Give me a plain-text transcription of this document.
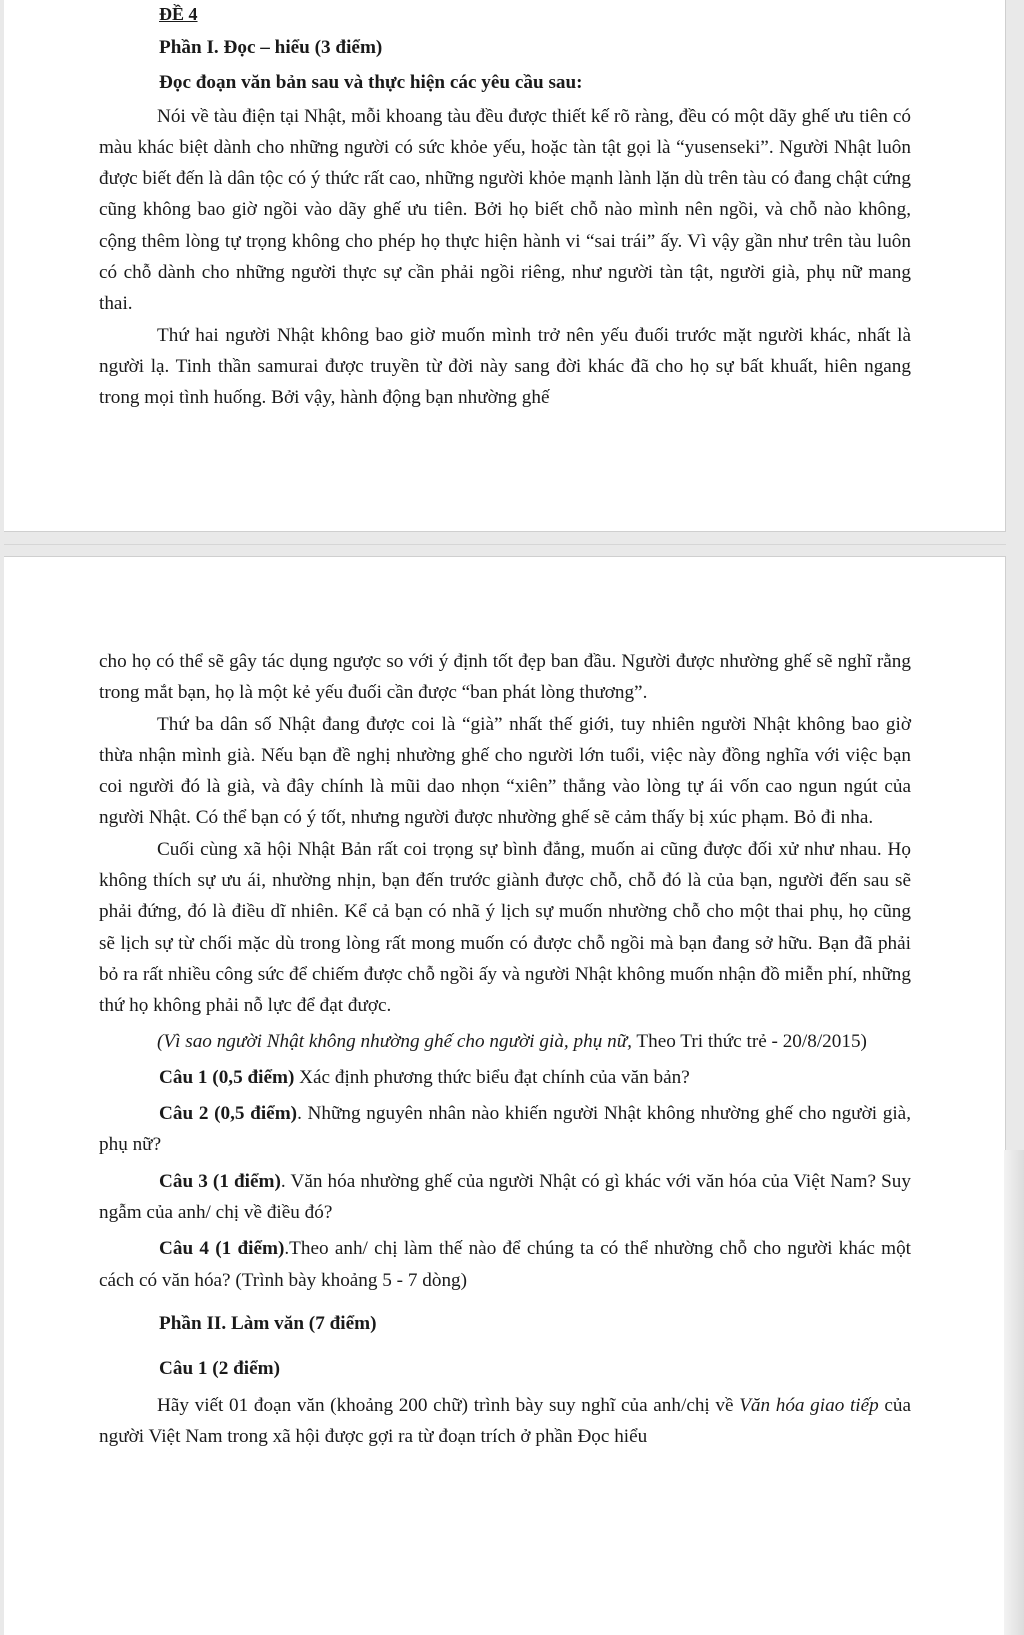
ĐỀ 4

Phần I. Đọc – hiểu (3 điểm)

Đọc đoạn văn bản sau và thực hiện các yêu cầu sau:

Nói về tàu điện tại Nhật, mỗi khoang tàu đều được thiết kế rõ ràng, đều có một dãy ghế ưu tiên có màu khác biệt dành cho những người có sức khỏe yếu, hoặc tàn tật gọi là “yusenseki”. Người Nhật luôn được biết đến là dân tộc có ý thức rất cao, những người khỏe mạnh lành lặn dù trên tàu có đang chật cứng cũng không bao giờ ngồi vào dãy ghế ưu tiên. Bởi họ biết chỗ nào mình nên ngồi, và chỗ nào không, cộng thêm lòng tự trọng không cho phép họ thực hiện hành vi “sai trái” ấy. Vì vậy gần như trên tàu luôn có chỗ dành cho những người thực sự cần phải ngồi riêng, như người tàn tật, người già, phụ nữ mang thai.

Thứ hai người Nhật không bao giờ muốn mình trở nên yếu đuối trước mặt người khác, nhất là người lạ. Tinh thần samurai được truyền từ đời này sang đời khác đã cho họ sự bất khuất, hiên ngang trong mọi tình huống. Bởi vậy, hành động bạn nhường ghế

cho họ có thể sẽ gây tác dụng ngược so với ý định tốt đẹp ban đầu. Người được nhường ghế sẽ nghĩ rằng trong mắt bạn, họ là một kẻ yếu đuối cần được “ban phát lòng thương”.

Thứ ba dân số Nhật đang được coi là “già” nhất thế giới, tuy nhiên người Nhật không bao giờ thừa nhận mình già. Nếu bạn đề nghị nhường ghế cho người lớn tuổi, việc này đồng nghĩa với việc bạn coi người đó là già, và đây chính là mũi dao nhọn “xiên” thẳng vào lòng tự ái vốn cao ngun ngút của người Nhật. Có thể bạn có ý tốt, nhưng người được nhường ghế sẽ cảm thấy bị xúc phạm. Bỏ đi nha.

Cuối cùng xã hội Nhật Bản rất coi trọng sự bình đẳng, muốn ai cũng được đối xử như nhau. Họ không thích sự ưu ái, nhường nhịn, bạn đến trước giành được chỗ, chỗ đó là của bạn, người đến sau sẽ phải đứng, đó là điều dĩ nhiên. Kể cả bạn có nhã ý lịch sự muốn nhường chỗ cho một thai phụ, họ cũng sẽ lịch sự từ chối mặc dù trong lòng rất mong muốn có được chỗ ngồi mà bạn đang sở hữu. Bạn đã phải bỏ ra rất nhiều công sức để chiếm được chỗ ngồi ấy và người Nhật không muốn nhận đồ miễn phí, những thứ họ không phải nỗ lực để đạt được.

(Vì sao người Nhật không nhường ghế cho người già, phụ nữ, Theo Tri thức trẻ - 20/8/2015)

Câu 1 (0,5 điểm) Xác định phương thức biểu đạt chính của văn bản?

Câu 2 (0,5 điểm). Những nguyên nhân nào khiến người Nhật không nhường ghế cho người già, phụ nữ?

Câu 3 (1 điểm). Văn hóa nhường ghế của người Nhật có gì khác với văn hóa của Việt Nam? Suy ngẫm của anh/ chị về điều đó?

Câu 4 (1 điểm).Theo anh/ chị làm thế nào để chúng ta có thể nhường chỗ cho người khác một cách có văn hóa? (Trình bày khoảng 5 - 7 dòng)

Phần II. Làm văn (7 điểm)

Câu 1 (2 điểm)

Hãy viết 01 đoạn văn (khoảng 200 chữ) trình bày suy nghĩ của anh/chị về Văn hóa giao tiếp của người Việt Nam trong xã hội được gợi ra từ đoạn trích ở phần Đọc hiểu
